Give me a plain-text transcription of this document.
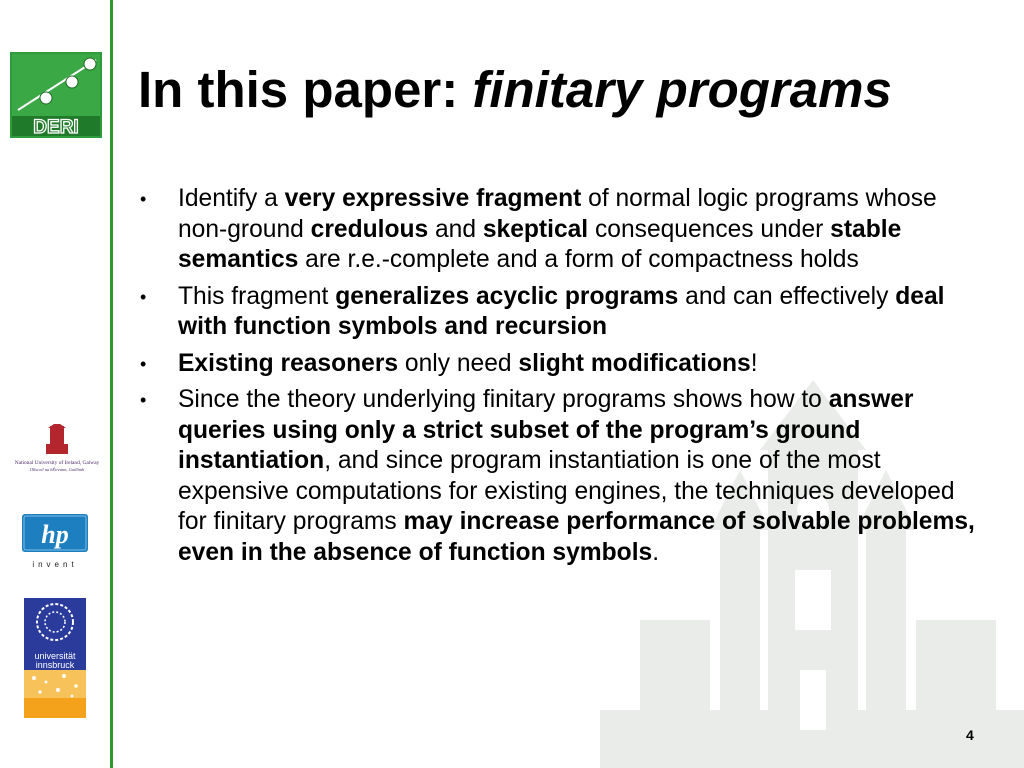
DERI
National University of Ireland, Galway
Ollscoil na hÉireann, Gaillimh
hp
invent
universität
innsbruck
In this paper: finitary programs
• Identify a very expressive fragment of normal logic programs whose non-ground credulous and skeptical consequences under stable semantics are r.e.-complete and a form of compactness holds
• This fragment generalizes acyclic programs and can effectively deal with function symbols and recursion
• Existing reasoners only need slight modifications!
• Since the theory underlying finitary programs shows how to answer queries using only a strict subset of the program’s ground instantiation, and since program instantiation is one of the most expensive computations for existing engines, the techniques developed for finitary programs may increase performance of solvable problems, even in the absence of function symbols.
4
